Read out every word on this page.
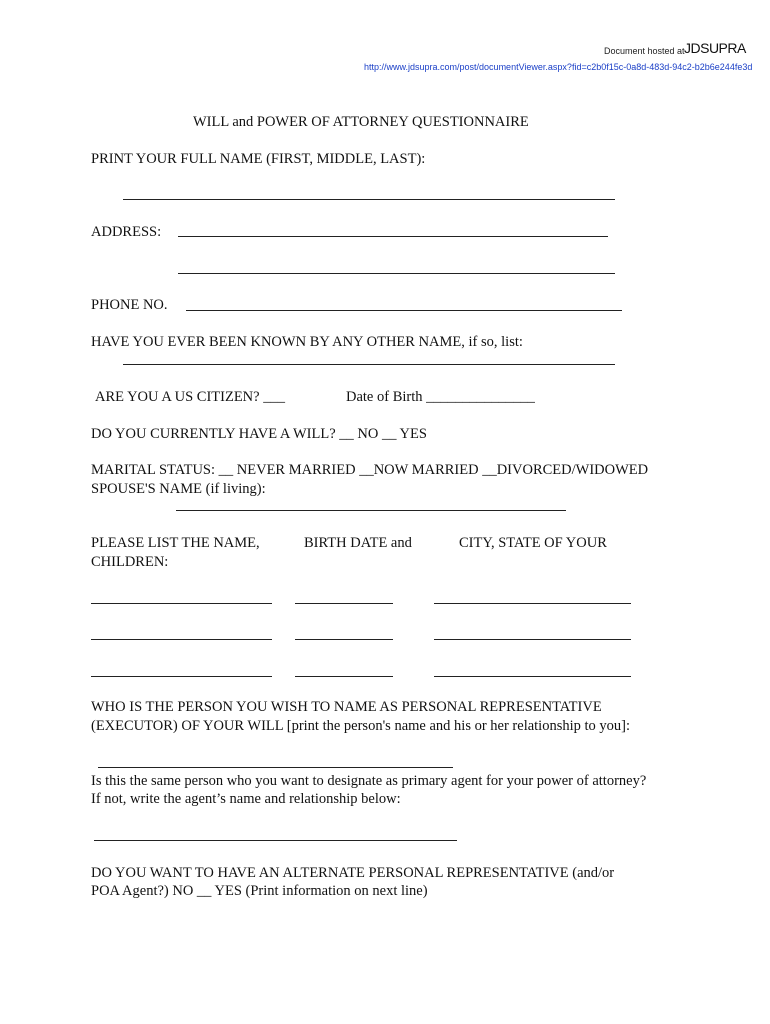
Document hosted at JDSUPRA
http://www.jdsupra.com/post/documentViewer.aspx?fid=c2b0f15c-0a8d-483d-94c2-b2b6e244fe3d
WILL and POWER OF ATTORNEY QUESTIONNAIRE
PRINT YOUR FULL NAME (FIRST, MIDDLE, LAST):
ADDRESS:
PHONE NO.
HAVE YOU EVER BEEN KNOWN BY ANY OTHER NAME, if so, list:
ARE YOU A US CITIZEN? ___	Date of Birth _______________
DO YOU CURRENTLY HAVE A WILL? __ NO __ YES
MARITAL STATUS: __ NEVER MARRIED __NOW MARRIED __DIVORCED/WIDOWED
SPOUSE'S NAME (if living):
PLEASE LIST THE NAME,	BIRTH DATE and	CITY, STATE OF YOUR
CHILDREN:
WHO IS THE PERSON YOU WISH TO NAME AS PERSONAL REPRESENTATIVE
(EXECUTOR) OF YOUR WILL [print the person's name and his or her relationship to you]:
Is this the same person who you want to designate as primary agent for your power of attorney?
If not, write the agent’s name and relationship below:
DO YOU WANT TO HAVE AN ALTERNATE PERSONAL REPRESENTATIVE (and/or
POA Agent?) NO __ YES (Print information on next line)
